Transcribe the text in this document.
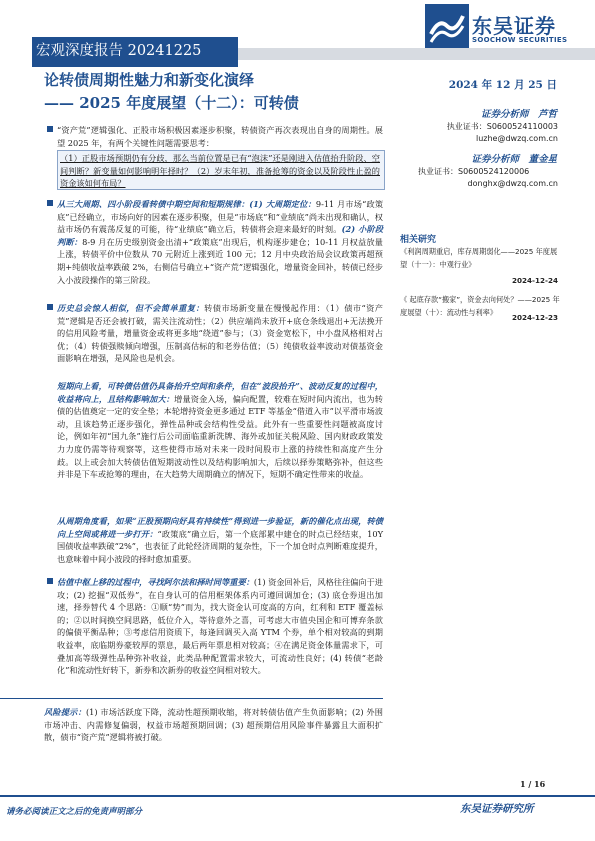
宏观深度报告 20241225
东吴证券
SOOCHOW SECURITIES
论转债周期性魅力和新变化演绎
—— 2025 年度展望（十二）：可转债
2024 年 12 月 25 日
证券分析师　芦哲
执业证书：S0600524110003
luzhe@dwzq.com.cn
证券分析师　董金星
执业证书：S0600524120006
donghx@dwzq.com.cn
相关研究
《利润周期重启，库存周期弱化——2025 年度展望（十一）：中观行业》
2024-12-24
《 起底存款“搬家”，资金去向何处？——2025 年度展望（十）：流动性与利率》
2024-12-23
“资产荒”逻辑强化、正股市场积极因素逐步积聚，转债资产再次表现出自身的周期性。展望 2025 年，有两个关键性问题需要思考：
（1）正股市场预期仍有分歧，那么当前位置是已有“泡沫”还是刚进入估值抬升阶段、空间判断？新变量如何影响明年择时？（2）岁末年初，准备抢筹的资金以及阶段性止盈的资金该如何布局？
从三大周期、四小阶段看转债中期空间和短期规律：(1) 大周期定位：9-11 月市场“政策底”已经确立，市场向好的因素在逐步积聚，但是“市场底”和“业绩底”尚未出现和确认，权益市场仍有震荡反复的可能，待“业绩底”确立后，转债将会迎来最好的时刻。(2) 小阶段判断：8-9 月在历史级别资金出清+“政策底”出现后，机构逐步建仓；10-11 月权益放量上涨，转债平价中位数从 70 元附近上涨到近 100 元；12 月中央政治局会议政策再超预期+纯债收益率跌破 2%，右侧信号确立+“资产荒”逻辑强化，增量资金回补，转债已经步入小波段操作的第三阶段。
历史总会惊人相似，但不会简单重复：转债市场新变量在慢慢起作用：（1）债市“资产荒”逻辑是否还会被打破，需关注流动性；（2）供应端尚未放开+底仓条线退出+无法挽开的信用风险考量，增量资金或将更多地“绕道”参与；（3）资金宽松下，中小盘风格相对占优；（4）转债强赎倾向增强，压制高估标的和老券估值；（5）纯债收益率波动对债基资金面影响在增强，是风险也是机会。
短期向上看，可转债估值仍具备抬升空间和条件，但在“波段抬升”、波动反复的过程中，收益将向上，且结构影响加大：增量资金入场，偏向配置，较难在短时间内流出，也为转债的估值奠定一定的安全垫；本轮增持资金更多通过 ETF 等基金“借道入市”以平滑市场波动，且该趋势正逐步强化，弹性品种或会结构性受益。此外有一些重要性问题被高度讨论，例如年初“国九条”施行后公司面临重新洗牌、海外或加征关税风险、国内财政政策发力力度仍需等待观察等，这些使得市场对未来一段时间股市上涨的持续性和高度产生分歧。以上或会加大转债估值短期波动性以及结构影响加大，后续以择券策略弥补，但这些并非是下车或抢筹的理由，在大趋势大周期确立的情况下，短期不确定性带来的收益。
从周期角度看，如果“正股预期向好具有持续性”得到进一步验证，新的催化点出现，转债向上空间或将进一步打开：“政策底”确立后，第一个底部累中建仓的时点已经结束，10Y 国债收益率跌破“2%”，也表征了此轮经济周期的复杂性，下一个加仓时点判断难度提升，也意味着中间小波段的择时愈加重要。
估值中枢上移的过程中，寻找阿尔法和择时同等重要：(1) 资金回补后，风格往往偏向于进攻；(2) 挖掘“双低券”，在自身认可的信用框架体系内可遵回调加仓；(3) 底仓券退出加速，择券替代 4 个思路：①顺“势”而为，找大资金认可度高的方向，红利和 ETF 覆盖标的；②以时间换空间思路，低位介入，等待意外之喜，可考虑大市值央国企和可博弃条款的偏债平衡品种；③考虑信用资质下，每逢回调买入高 YTM 个券，单个相对较高的到期收益率，底临期券豪较厚的票息，最后两年票息相对较高；④在满足资金体量需求下，可叠加高等级弹性品种弥补收益，此类品种配置需求较大，可流动性良好；(4) 转债“老龄化”和流动性好转下，新券和次新券的收益空间相对较大。
风险提示：(1) 市场活跃度下降，流动性超预期收缩，将对转债估值产生负面影响；(2) 外围市场冲击、内需修复偏弱，权益市场超预期回调；(3) 超预期信用风险事件暴露且大面积扩散，债市“资产荒”逻辑将被打破。
1 / 16
请务必阅读正文之后的免责声明部分	东吴证券研究所
